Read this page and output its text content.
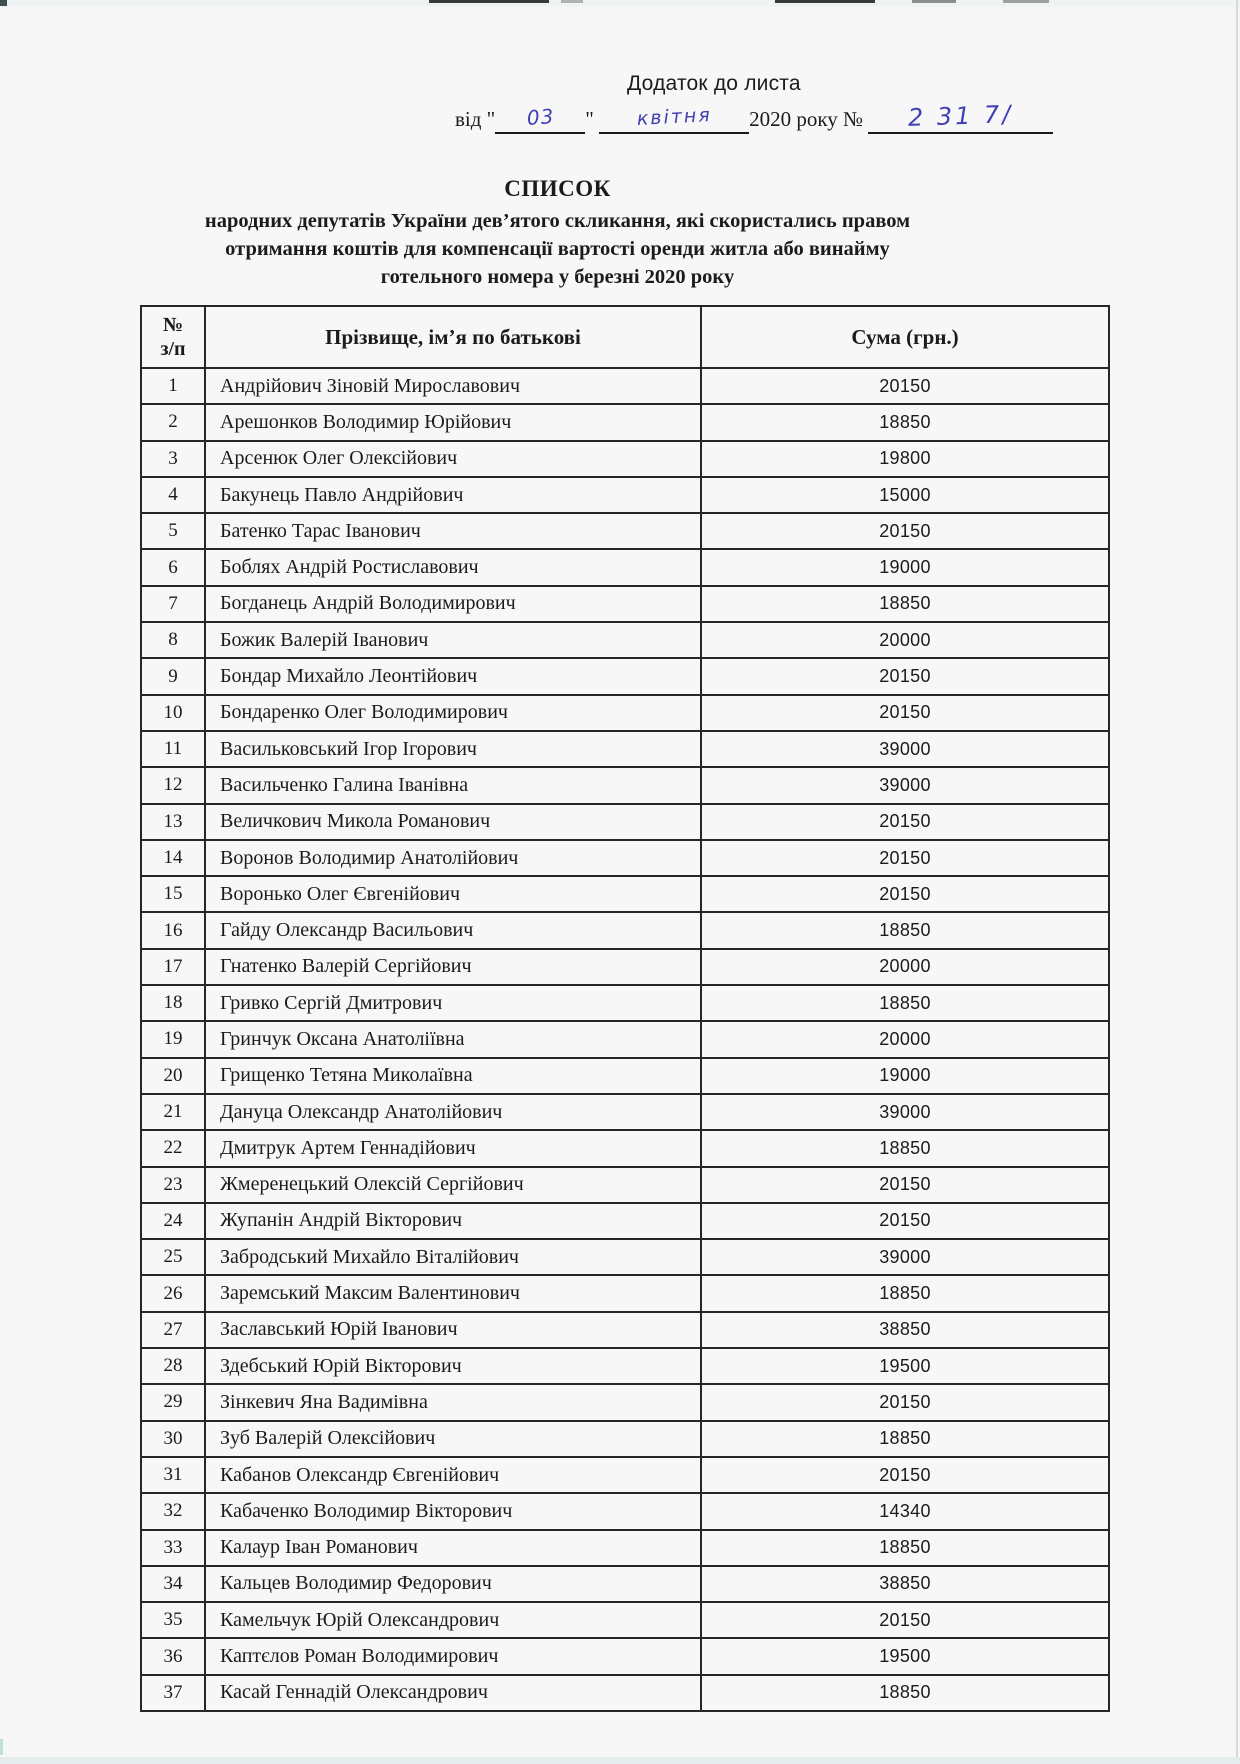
Додаток до листа
від " 03 " квітня 2020 року № 2 31 7/
СПИСОК
народних депутатів України дев’ятого скликання, які скористались правом
отримання коштів для компенсації вартості оренди житла або винайму
готельного номера у березні 2020 року
№
з/п	Прізвище, ім’я по батькові	Сума (грн.)
1	Андрійович Зіновій Мирославович	20150
2	Арешонков Володимир Юрійович	18850
3	Арсенюк Олег Олексійович	19800
4	Бакунець Павло Андрійович	15000
5	Батенко Тарас Іванович	20150
6	Боблях Андрій Ростиславович	19000
7	Богданець Андрій Володимирович	18850
8	Божик Валерій Іванович	20000
9	Бондар Михайло Леонтійович	20150
10	Бондаренко Олег Володимирович	20150
11	Васильковський Ігор Ігорович	39000
12	Васильченко Галина Іванівна	39000
13	Величкович Микола Романович	20150
14	Воронов Володимир Анатолійович	20150
15	Воронько Олег Євгенійович	20150
16	Гайду Олександр Васильович	18850
17	Гнатенко Валерій Сергійович	20000
18	Гривко Сергій Дмитрович	18850
19	Гринчук Оксана Анатоліївна	20000
20	Грищенко Тетяна Миколаївна	19000
21	Дануца Олександр Анатолійович	39000
22	Дмитрук Артем Геннадійович	18850
23	Жмеренецький Олексій Сергійович	20150
24	Жупанін Андрій Вікторович	20150
25	Забродський Михайло Віталійович	39000
26	Заремський Максим Валентинович	18850
27	Заславський Юрій Іванович	38850
28	Здебський Юрій Вікторович	19500
29	Зінкевич Яна Вадимівна	20150
30	Зуб Валерій Олексійович	18850
31	Кабанов Олександр Євгенійович	20150
32	Кабаченко Володимир Вікторович	14340
33	Калаур Іван Романович	18850
34	Кальцев Володимир Федорович	38850
35	Камельчук Юрій Олександрович	20150
36	Каптєлов Роман Володимирович	19500
37	Касай Геннадій Олександрович	18850
